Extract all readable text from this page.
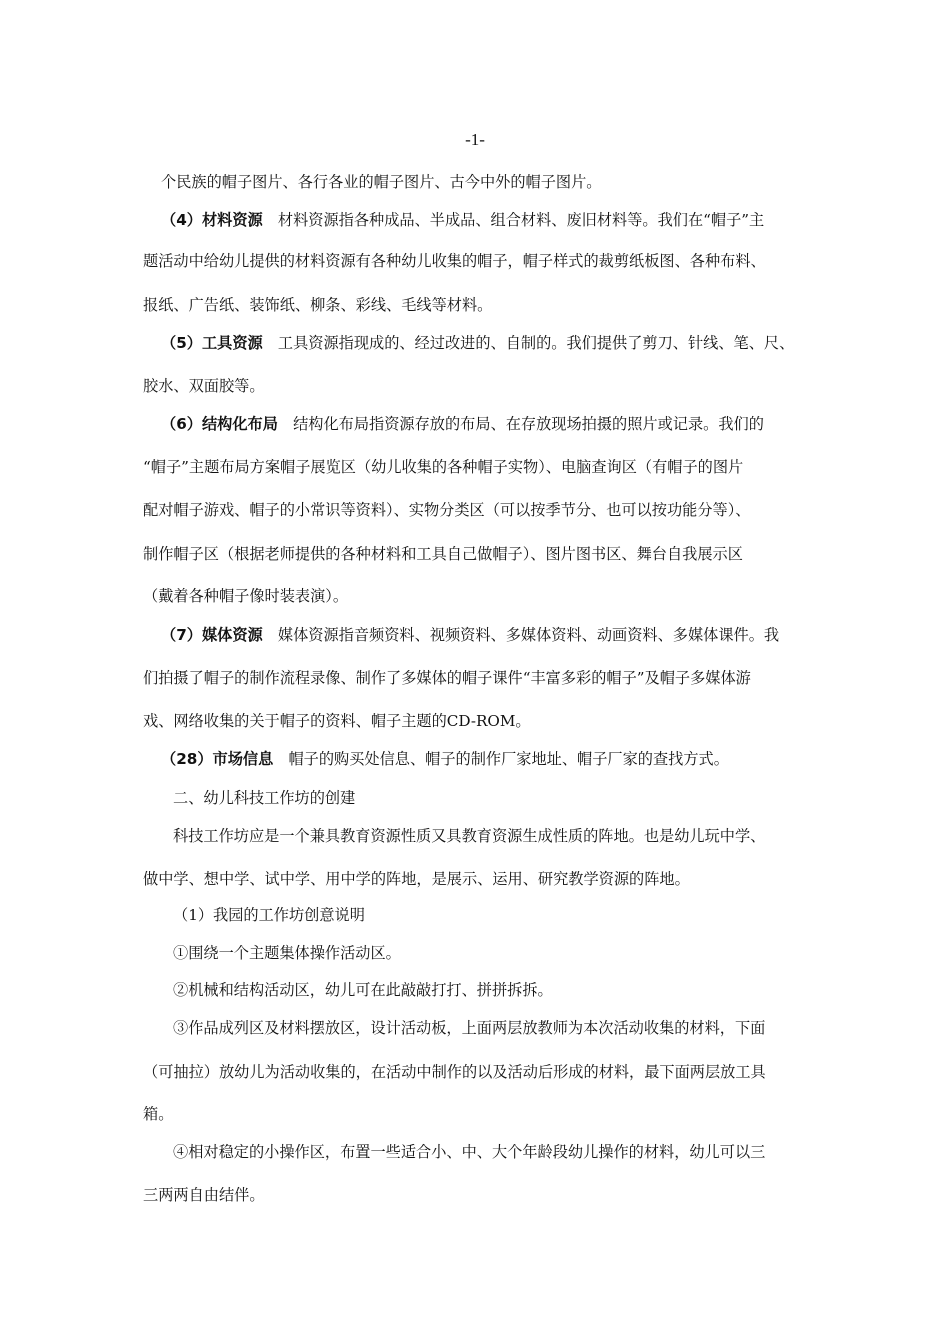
-1-
个民族的帽子图片、各行各业的帽子图片、古今中外的帽子图片。
（4）材料资源　材料资源指各种成品、半成品、组合材料、废旧材料等。我们在“帽子”主
题活动中给幼儿提供的材料资源有各种幼儿收集的帽子，帽子样式的裁剪纸板图、各种布料、
报纸、广告纸、装饰纸、柳条、彩线、毛线等材料。
（5）工具资源　工具资源指现成的、经过改进的、自制的。我们提供了剪刀、针线、笔、尺、
胶水、双面胶等。
（6）结构化布局　结构化布局指资源存放的布局、在存放现场拍摄的照片或记录。我们的
“帽子”主题布局方案帽子展览区（幼儿收集的各种帽子实物）、电脑查询区（有帽子的图片
配对帽子游戏、帽子的小常识等资料）、实物分类区（可以按季节分、也可以按功能分等）、
制作帽子区（根据老师提供的各种材料和工具自己做帽子）、图片图书区、舞台自我展示区
（戴着各种帽子像时装表演）。
（7）媒体资源　媒体资源指音频资料、视频资料、多媒体资料、动画资料、多媒体课件。我
们拍摄了帽子的制作流程录像、制作了多媒体的帽子课件“丰富多彩的帽子”及帽子多媒体游
戏、网络收集的关于帽子的资料、帽子主题的CD-ROM。
（28）市场信息　帽子的购买处信息、帽子的制作厂家地址、帽子厂家的查找方式。
二、幼儿科技工作坊的创建
科技工作坊应是一个兼具教育资源性质又具教育资源生成性质的阵地。也是幼儿玩中学、
做中学、想中学、试中学、用中学的阵地，是展示、运用、研究教学资源的阵地。
（1）我园的工作坊创意说明
①围绕一个主题集体操作活动区。
②机械和结构活动区，幼儿可在此敲敲打打、拼拼拆拆。
③作品成列区及材料摆放区，设计活动板，上面两层放教师为本次活动收集的材料，下面
（可抽拉）放幼儿为活动收集的，在活动中制作的以及活动后形成的材料，最下面两层放工具
箱。
④相对稳定的小操作区，布置一些适合小、中、大个年龄段幼儿操作的材料，幼儿可以三
三两两自由结伴。
